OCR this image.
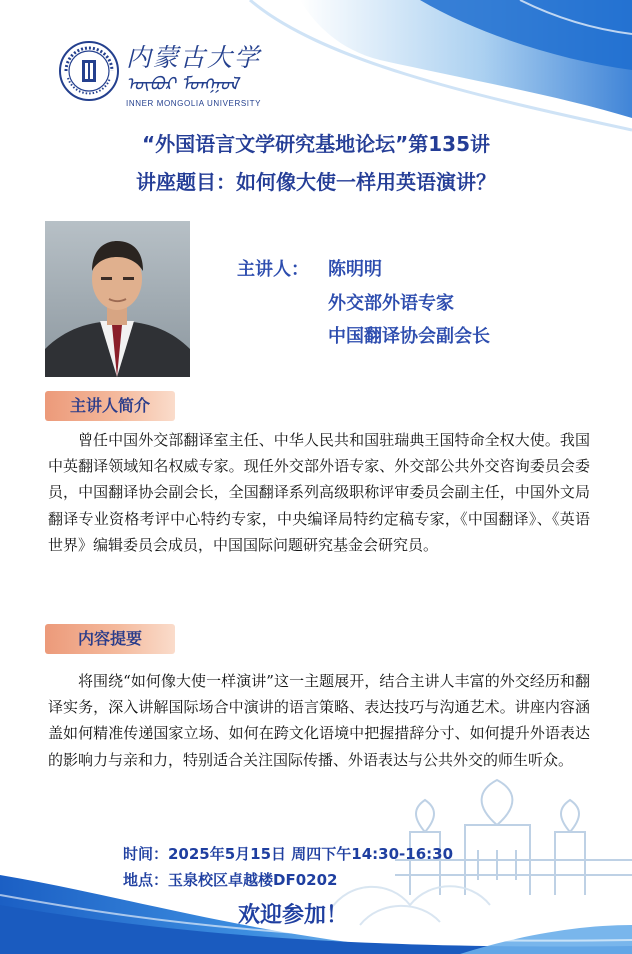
内蒙古大学
ᠥᠪᠥᠷ ᠮᠣᠩᠭᠣᠯ
INNER MONGOLIA UNIVERSITY
“外国语言文学研究基地论坛”第135讲
讲座题目：如何像大使一样用英语演讲？
主讲人： 陈明明
外交部外语专家
中国翻译协会副会长
主讲人简介
曾任中国外交部翻译室主任、中华人民共和国驻瑞典王国特命全权大使。我国中英翻译领域知名权威专家。现任外交部外语专家、外交部公共外交咨询委员会委员，中国翻译协会副会长，全国翻译系列高级职称评审委员会副主任，中国外文局翻译专业资格考评中心特约专家，中央编译局特约定稿专家，《中国翻译》、《英语世界》编辑委员会成员，中国国际问题研究基金会研究员。
内容提要
将围绕“如何像大使一样演讲”这一主题展开，结合主讲人丰富的外交经历和翻译实务，深入讲解国际场合中演讲的语言策略、表达技巧与沟通艺术。讲座内容涵盖如何精准传递国家立场、如何在跨文化语境中把握措辞分寸、如何提升外语表达的影响力与亲和力，特别适合关注国际传播、外语表达与公共外交的师生听众。
时间：2025年5月15日 周四下午14:30-16:30
地点：玉泉校区卓越楼DF0202
欢迎参加！
